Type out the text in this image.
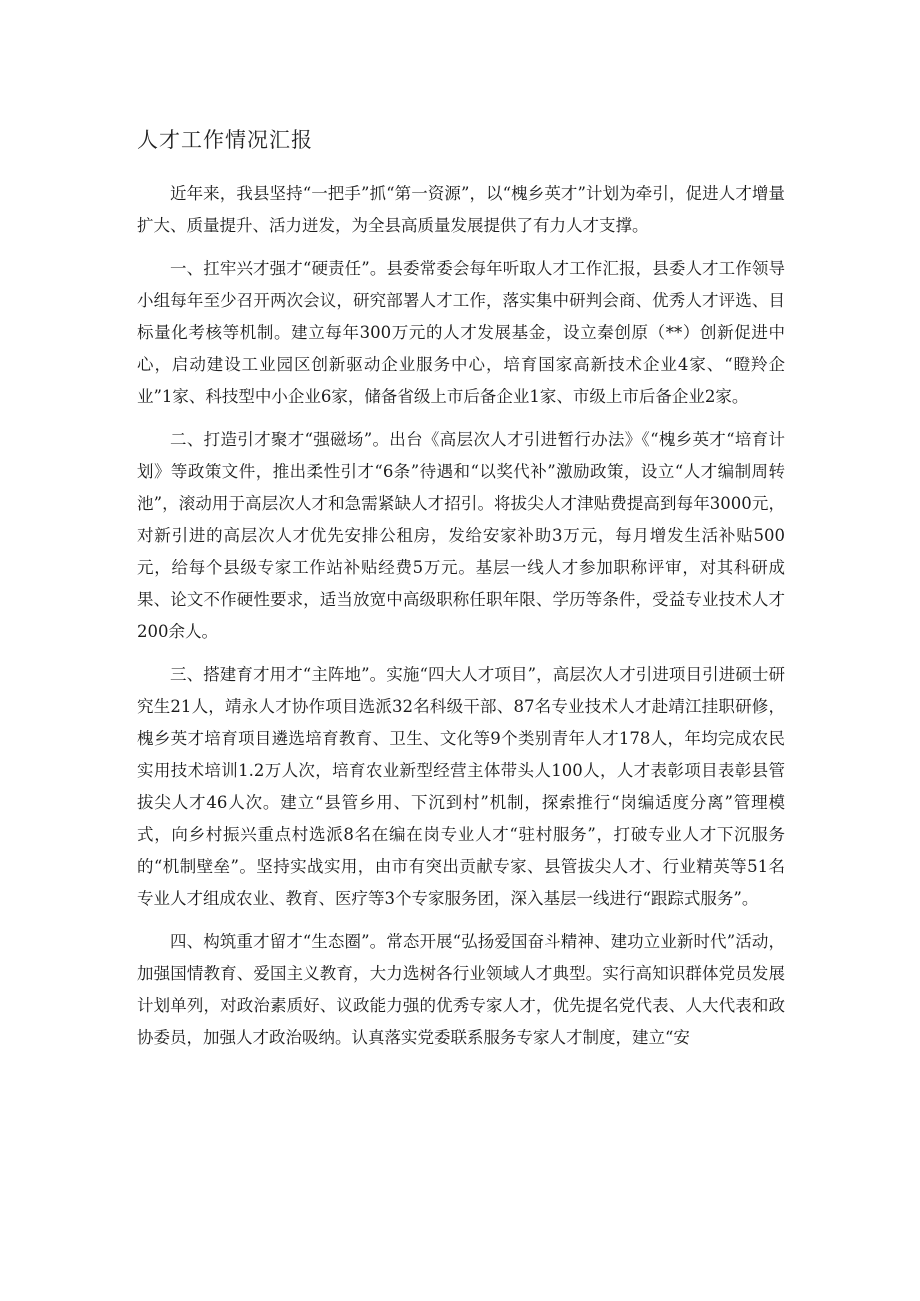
人才工作情况汇报

近年来，我县坚持“一把手”抓“第一资源”，以“槐乡英才”计划为牵引，促进人才增量扩大、质量提升、活力迸发，为全县高质量发展提供了有力人才支撑。

一、扛牢兴才强才“硬责任”。县委常委会每年听取人才工作汇报，县委人才工作领导小组每年至少召开两次会议，研究部署人才工作，落实集中研判会商、优秀人才评选、目标量化考核等机制。建立每年300万元的人才发展基金，设立秦创原（**）创新促进中心，启动建设工业园区创新驱动企业服务中心，培育国家高新技术企业4家、“瞪羚企业”1家、科技型中小企业6家，储备省级上市后备企业1家、市级上市后备企业2家。

二、打造引才聚才“强磁场”。出台《高层次人才引进暂行办法》《“槐乡英才“培育计划》等政策文件，推出柔性引才“6条”待遇和“以奖代补”激励政策，设立“人才编制周转池”，滚动用于高层次人才和急需紧缺人才招引。将拔尖人才津贴费提高到每年3000元，对新引进的高层次人才优先安排公租房，发给安家补助3万元，每月增发生活补贴500元，给每个县级专家工作站补贴经费5万元。基层一线人才参加职称评审，对其科研成果、论文不作硬性要求，适当放宽中高级职称任职年限、学历等条件，受益专业技术人才200余人。

三、搭建育才用才“主阵地”。实施“四大人才项目”，高层次人才引进项目引进硕士研究生21人，靖永人才协作项目选派32名科级干部、87名专业技术人才赴靖江挂职研修，槐乡英才培育项目遴选培育教育、卫生、文化等9个类别青年人才178人，年均完成农民实用技术培训1.2万人次，培育农业新型经营主体带头人100人，人才表彰项目表彰县管拔尖人才46人次。建立“县管乡用、下沉到村”机制，探索推行“岗编适度分离”管理模式，向乡村振兴重点村选派8名在编在岗专业人才“驻村服务”，打破专业人才下沉服务的“机制壁垒”。坚持实战实用，由市有突出贡献专家、县管拔尖人才、行业精英等51名专业人才组成农业、教育、医疗等3个专家服务团，深入基层一线进行“跟踪式服务”。

四、构筑重才留才“生态圈”。常态开展“弘扬爱国奋斗精神、建功立业新时代”活动，加强国情教育、爱国主义教育，大力选树各行业领域人才典型。实行高知识群体党员发展计划单列，对政治素质好、议政能力强的优秀专家人才，优先提名党代表、人大代表和政协委员，加强人才政治吸纳。认真落实党委联系服务专家人才制度，建立“安
